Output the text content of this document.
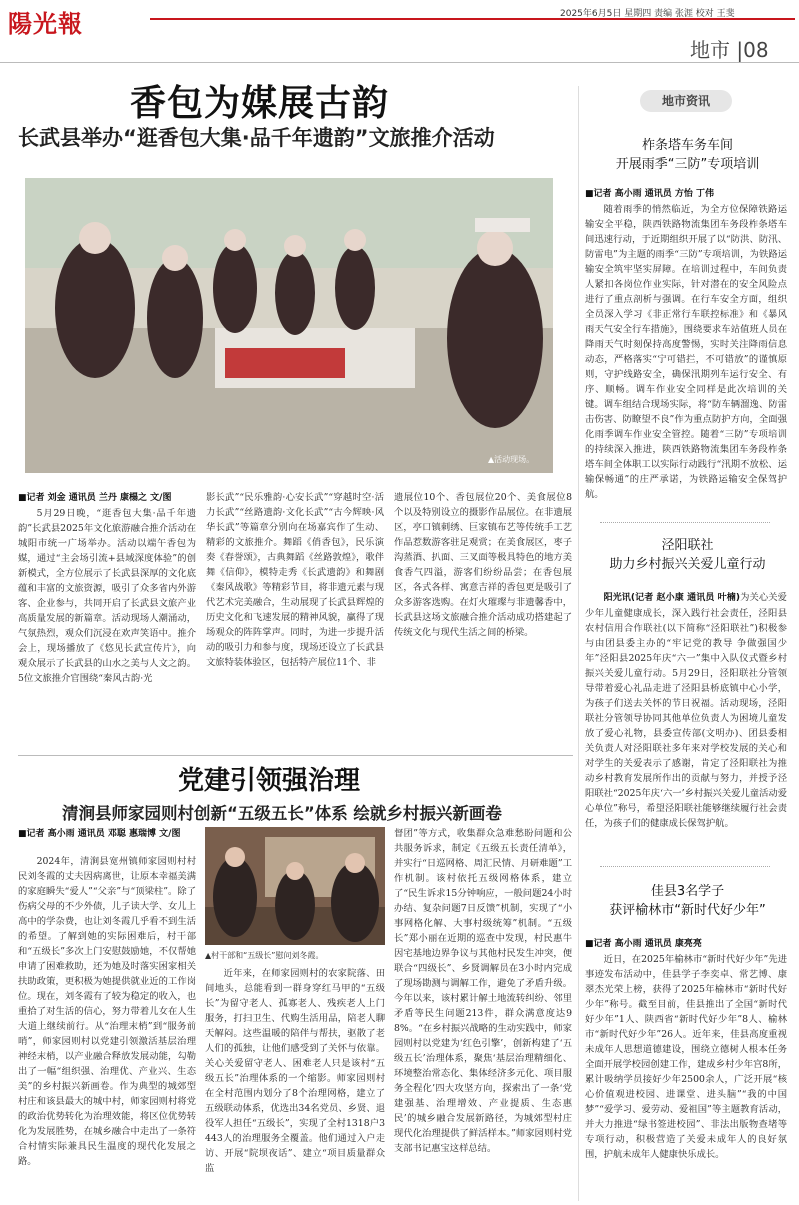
陽光報	2025年6月5日 星期四 责编 张涯 校对 王斐
地市 |08
香包为媒展古韵
长武县举办“逛香包大集·品千年遗韵”文旅推介活动
▲活动现场。
■记者 刘金 通讯员 兰丹 康榻之 文/图
5月29日晚，“逛香包大集·品千年遗韵”长武县2025年文化旅游融合推介活动在城阳市统一广场举办。活动以端午香包为媒，通过“主会场引流+县域深度体验”的创新模式，全方位展示了长武县深厚的文化底蕴和丰富的文旅资源，吸引了众多省内外游客、企业参与，共同开启了长武县文旅产业高质量发展的新篇章。活动现场人潮涌动，气氛热烈，观众们沉浸在欢声笑语中。推介会上，现场播放了《悠见长武宣传片》，向观众展示了长武县的山水之美与人文之韵。5位文旅推介官围绕“秦风古韵·光
影长武”“民乐雅韵·心安长武”“穿越时空·活力长武”“丝路遗韵·文化长武”“古今辉映·风华长武”等篇章分别向在场嘉宾作了生动、精彩的文旅推介。舞蹈《俏香包》，民乐演奏《春誉颂》，古典舞蹈《丝路敦煌》，歌伴舞《信仰》，模特走秀《长武遗韵》和舞剧《秦风战歌》等精彩节目，将非遗元素与现代艺术完美融合，生动展现了长武县辉煌的历史文化和飞速发展的精神风貌，赢得了现场观众的阵阵掌声。同时，为进一步提升活动的吸引力和参与度，现场还设立了长武县文旅特装体验区，包括特产展位11个、非
遗展位10个、香包展位20个、美食展位8个以及特别设立的摄影作品展位。在非遗展区，亭口镇刺绣、巨家镇布艺等传统手工艺作品惹数游客驻足观赏；在美食展区，枣子沟蒸酒、扒面、三叉面等极具特色的地方美食香气四溢，游客们纷纷品尝；在香包展区，各式各样、寓意吉祥的香包更是吸引了众多游客选购。在灯火璀璨与非遗馨香中，长武县这场文旅融合推介活动成功搭建起了传统文化与现代生活之间的桥梁。
党建引领强治理
清涧县师家园则村创新“五级五长”体系 绘就乡村振兴新画卷
■记者 高小雨 通讯员 邓聪 惠瑞博 文/图
2024年，清涧县宽州镇师家园则村村民刘冬霞的丈夫因病离世，让原本幸福美满的家庭瞬失“爱人”“父亲”与“顶梁柱”。除了伤病父母的不少外债，儿子读大学、女儿上高中的学杂费，也让刘冬霞几乎看不到生活的希望。了解到她的实际困难后，村干部和“五级长”多次上门安慰鼓励她，不仅帮她申请了困难救助，还为她及时落实困家相关扶助政策，更积极为她提供就业近的工作岗位。现在，刘冬霞有了较为稳定的收入，也重拾了对生活的信心，努力带着儿女在人生大道上继续前行。从“治理末梢”到“服务前哨”，师家园则村以党建引领激活基层治理神经末梢，以产业融合释放发展动能，勾勒出了一幅“组织强、治理优、产业兴、生态美”的乡村振兴新画卷。作为典型的城郊型村庄和该县最大的城中村，师家园则村将党的政治优势转化为治理效能，将区位优势转化为发展胜势，在城乡融合中走出了一条符合村情实际兼具民生温度的现代化发展之路。
▲村干部和“五级长”慰问刘冬霞。
近年来，在师家园则村的农家院落、田间地头，总能看到一群身穿红马甲的“五级长”为留守老人、孤寡老人、残疾老人上门服务，打扫卫生、代购生活用品，陪老人聊天解闷。这些温暖的陪伴与帮扶，驱散了老人们的孤独，让他们感受到了关怀与依靠。关心关爱留守老人、困难老人只是该村“五级五长”治理体系的一个缩影。师家园则村在全村范围内划分了8个治理网格，建立了五级联动体系，优选出34名党员、乡贤、退役军人担任“五级长”，实现了全村1318户3443人的治理服务全覆盖。他们通过入户走访、开展“院坝夜话”、建立“项目质量群众监
督团”等方式，收集群众急难愁盼问题和公共服务诉求，制定《五级五长责任清单》，并实行“日巡网格、周汇民情、月研难题”工作机制。该村依托五级网格体系，建立了“民生诉求15分钟响应，一般问题24小时办结、复杂问题7日反馈”机制，实现了“小事网格化解、大事村级统筹”机制。“五级长”郑小丽在近期的巡查中发现，村民惠牛因宅基地边界争议与其他村民发生冲突，便联合“四级长”、乡贤调解员在3小时内完成了现场勘测与调解工作，避免了矛盾升级。今年以来，该村累计解土地流转纠纷、邻里矛盾等民生问题213件，群众满意度达98%。“在乡村振兴战略的生动实践中，师家园则村以党建为‘红色引擎’，创新构建了‘五级五长’治理体系，聚焦‘基层治理精细化、环境整治常态化、集体经济多元化、项目服务全程化’四大攻坚方向，探索出了一条‘党建强基、治理增效、产业提质、生态惠民’的城乡融合发展新路径，为城郊型村庄现代化治理提供了鲜活样本。”师家园则村党支部书记惠宝这样总结。
地市资讯
柞条塔车务车间
开展雨季“三防”专项培训
■记者 高小雨 通讯员 方怡 丁伟
随着雨季的悄然临近，为全方位保障铁路运输安全平稳，陕西铁路物流集团车务段柞条塔车间迅速行动，于近期组织开展了以“防洪、防汛、防雷电”为主题的雨季“三防”专项培训，为铁路运输安全筑牢坚实屏障。在培训过程中，车间负责人紧扣各岗位作业实际，针对潜在的安全风险点进行了重点剖析与强调。在行车安全方面，组织全员深入学习《非正常行车联控标准》和《暴风雨天气安全行车措施》，围绕要求车站值班人员在降雨天气时刻保持高度警惕，实时关注降雨信息动态，严格落实“宁可错拦，不可错放”的谨慎原则，守护线路安全，确保汛期列车运行安全、有序、顺畅。调车作业安全同样是此次培训的关键。调车组结合现场实际，将“防车辆溜逸、防雷击伤害、防瞭望不良”作为重点防护方向，全面强化雨季调车作业安全管控。随着“三防”专项培训的持续深入推进，陕西铁路物流集团车务段柞条塔车间全体职工以实际行动践行“汛期不放松、运输保畅通”的庄严承诺，为铁路运输安全保驾护航。
泾阳联社
助力乡村振兴关爱儿童行动
阳光讯(记者 赵小康 通讯员 叶楠)为关心关爱少年儿童健康成长，深入践行社会责任，泾阳县农村信用合作联社(以下简称“泾阳联社”)积极参与由团县委主办的“牢记党的教导 争做强国少年”泾阳县2025年庆“六一”集中入队仪式暨乡村振兴关爱儿童行动。5月29日，泾阳联社分管领导带着爱心礼品走进了泾阳县桥底镇中心小学，为孩子们送去关怀的节日祝福。活动现场，泾阳联社分管领导协同其他单位负责人为困境儿童发放了爱心礼物，县委宣传部(文明办)、团县委相关负责人对泾阳联社多年来对学校发展的关心和对学生的关爱表示了感谢，肯定了泾阳联社为推动乡村教育发展所作出的贡献与努力，并授予泾阳联社“2025年庆‘六一’乡村振兴关爱儿童活动爱心单位”称号，希望泾阳联社能够继续履行社会责任，为孩子们的健康成长保驾护航。
佳县3名学子
获评榆林市“新时代好少年”
■记者 高小雨 通讯员 康亮亮
近日，在2025年榆林市“新时代好少年”先进事迹发布活动中，佳县学子李奕卓、常艺博、康翠杰光荣上榜，获得了2025年榆林市“新时代好少年”称号。截至目前，佳县推出了全国“新时代好少年”1人、陕西省“新时代好少年”8人、榆林市“新时代好少年”26人。近年来，佳县高度重视未成年人思想道德建设，围绕立德树人根本任务全面开展学校园创建工作，建成乡村少年宫8所，累计吸纳学员接好少年2500余人，广泛开展“核心价值观进校园、进课堂、进头脑”“我的中国梦”“爱学习、爱劳动、爱祖国”等主题教育活动，并大力推进“绿书签进校园”、非法出版物查堵等专项行动，积极营造了关爱未成年人的良好氛围，护航未成年人健康快乐成长。
